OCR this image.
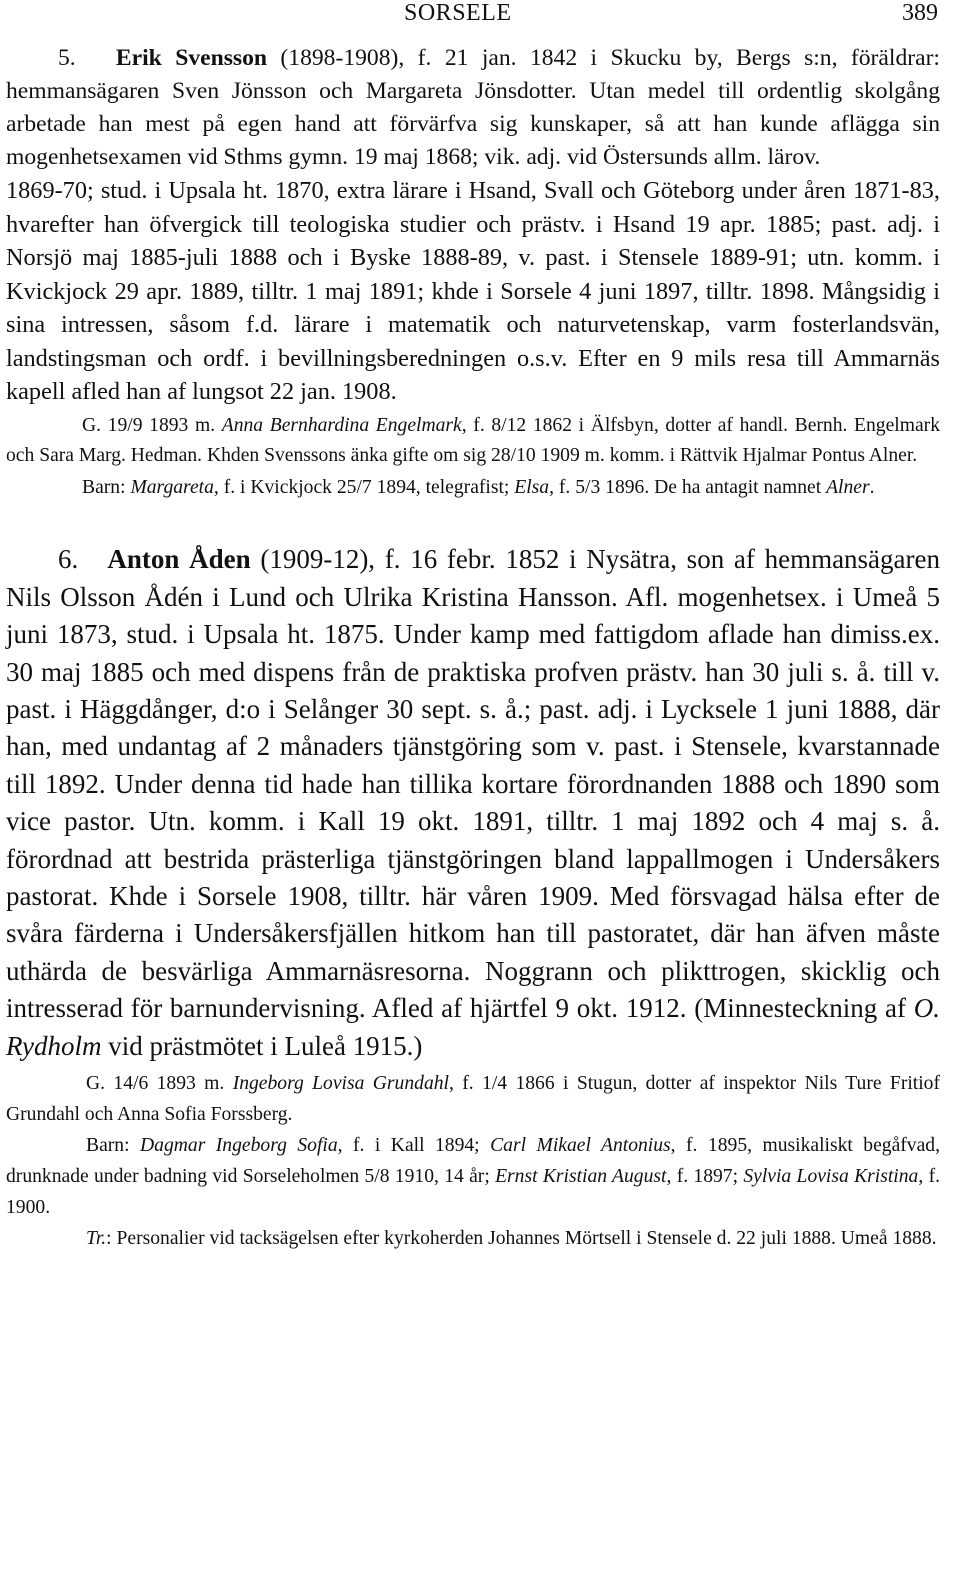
SORSELE	389

5. Erik Svensson (1898-1908), f. 21 jan. 1842 i Skucku by, Bergs s:n, föräldrar: hemmansägaren Sven Jönsson och Margareta Jönsdotter. Utan medel till ordentlig skolgång arbetade han mest på egen hand att förvärfva sig kunskaper, så att han kunde aflägga sin mogenhetsexamen vid Sthms gymn. 19 maj 1868; vik. adj. vid Östersunds allm. lärov.

1869-70; stud. i Upsala ht. 1870, extra lärare i Hsand, Svall och Göteborg under åren 1871-83, hvarefter han öfvergick till teologiska studier och prästv. i Hsand 19 apr. 1885; past. adj. i Norsjö maj 1885-juli 1888 och i Byske 1888-89, v. past. i Stensele 1889-91; utn. komm. i Kvickjock 29 apr. 1889, tilltr. 1 maj 1891; khde i Sorsele 4 juni 1897, tilltr. 1898. Mångsidig i sina intressen, såsom f.d. lärare i matematik och naturvetenskap, varm fosterlandsvän, landstingsman och ordf. i bevillningsberedningen o.s.v. Efter en 9 mils resa till Ammarnäs kapell afled han af lungsot 22 jan. 1908.

G. 19/9 1893 m. Anna Bernhardina Engelmark, f. 8/12 1862 i Älfsbyn, dotter af handl. Bernh. Engelmark och Sara Marg. Hedman. Khden Svenssons änka gifte om sig 28/10 1909 m. komm. i Rättvik Hjalmar Pontus Alner.

Barn: Margareta, f. i Kvickjock 25/7 1894, telegrafist; Elsa, f. 5/3 1896. De ha antagit namnet Alner.

6. Anton Åden (1909-12), f. 16 febr. 1852 i Nysätra, son af hemmansägaren Nils Olsson Ådén i Lund och Ulrika Kristina Hansson. Afl. mogenhetsex. i Umeå 5 juni 1873, stud. i Upsala ht. 1875. Under kamp med fattigdom aflade han dimiss.ex. 30 maj 1885 och med dispens från de praktiska profven prästv. han 30 juli s. å. till v. past. i Häggdånger, d:o i Selånger 30 sept. s. å.; past. adj. i Lycksele 1 juni 1888, där han, med undantag af 2 månaders tjänstgöring som v. past. i Stensele, kvarstannade till 1892. Under denna tid hade han tillika kortare förordnanden 1888 och 1890 som vice pastor. Utn. komm. i Kall 19 okt. 1891, tilltr. 1 maj 1892 och 4 maj s. å. förordnad att bestrida prästerliga tjänstgöringen bland lappallmogen i Undersåkers pastorat. Khde i Sorsele 1908, tilltr. här våren 1909. Med försvagad hälsa efter de svåra färderna i Undersåkersfjällen hitkom han till pastoratet, där han äfven måste uthärda de besvärliga Ammarnäsresorna. Noggrann och plikttrogen, skicklig och intresserad för barnundervisning. Afled af hjärtfel 9 okt. 1912. (Minnesteckning af O. Rydholm vid prästmötet i Luleå 1915.)

G. 14/6 1893 m. Ingeborg Lovisa Grundahl, f. 1/4 1866 i Stugun, dotter af inspektor Nils Ture Fritiof Grundahl och Anna Sofia Forssberg.

Barn: Dagmar Ingeborg Sofia, f. i Kall 1894; Carl Mikael Antonius, f. 1895, musikaliskt begåfvad, drunknade under badning vid Sorseleholmen 5/8 1910, 14 år; Ernst Kristian August, f. 1897; Sylvia Lovisa Kristina, f. 1900.

Tr.: Personalier vid tacksägelsen efter kyrkoherden Johannes Mörtsell i Stensele d. 22 juli 1888. Umeå 1888.
